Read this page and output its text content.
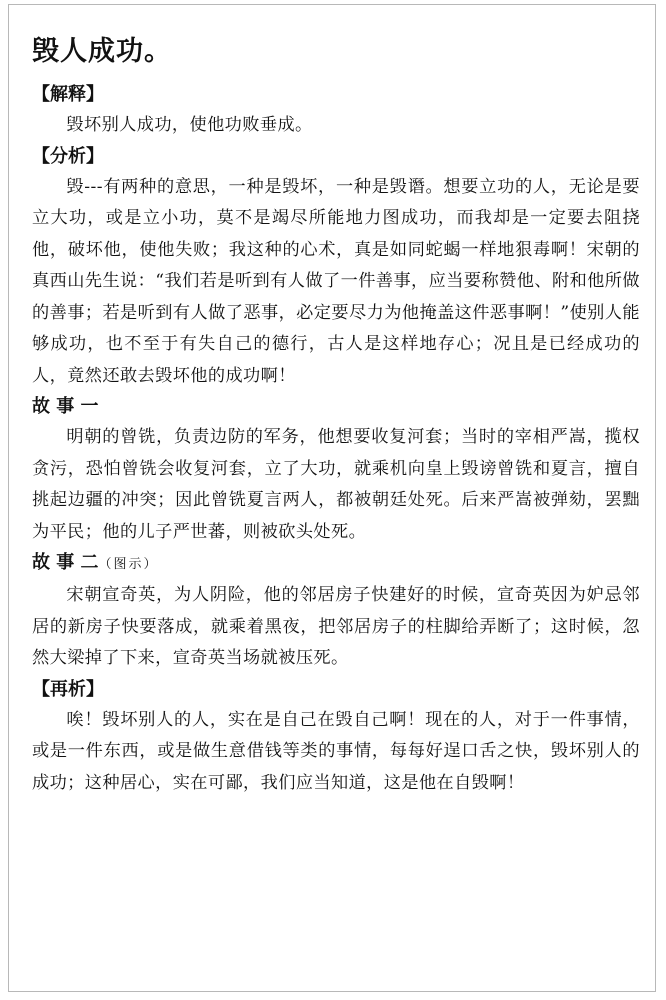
毁人成功。

【解释】

毁坏别人成功，使他功败垂成。

【分析】

毁---有两种的意思，一种是毁坏，一种是毁谮。想要立功的人，无论是要立大功，或是立小功，莫不是竭尽所能地力图成功，而我却是一定要去阻挠他，破坏他，使他失败；我这种的心术，真是如同蛇蝎一样地狠毒啊！宋朝的真西山先生说：“我们若是听到有人做了一件善事，应当要称赞他、附和他所做的善事；若是听到有人做了恶事，必定要尽力为他掩盖这件恶事啊！”使别人能够成功，也不至于有失自己的德行，古人是这样地存心；况且是已经成功的人，竟然还敢去毁坏他的成功啊！

故 事 一

明朝的曾铣，负责边防的军务，他想要收复河套；当时的宰相严嵩，揽权贪污，恐怕曾铣会收复河套，立了大功，就乘机向皇上毁谤曾铣和夏言，擅自挑起边疆的冲突；因此曾铣夏言两人，都被朝廷处死。后来严嵩被弹劾，罢黜为平民；他的儿子严世蕃，则被砍头处死。

故 事 二（图示）

宋朝宣奇英，为人阴险，他的邻居房子快建好的时候，宣奇英因为妒忌邻居的新房子快要落成，就乘着黑夜，把邻居房子的柱脚给弄断了；这时候，忽然大梁掉了下来，宣奇英当场就被压死。

【再析】

唉！毁坏别人的人，实在是自己在毁自己啊！现在的人，对于一件事情，或是一件东西，或是做生意借钱等类的事情，每每好逞口舌之快，毁坏别人的成功；这种居心，实在可鄙，我们应当知道，这是他在自毁啊！
